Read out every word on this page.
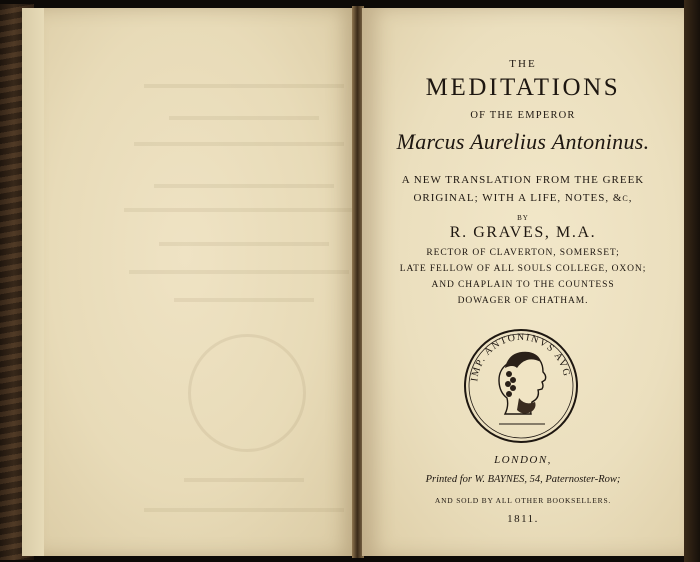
THE
MEDITATIONS
OF THE EMPEROR
Marcus Aurelius Antoninus.
A NEW TRANSLATION FROM THE GREEK
ORIGINAL; WITH A LIFE, NOTES, &c,
BY
R. GRAVES, M.A.
RECTOR OF CLAVERTON, SOMERSET;
LATE FELLOW OF ALL SOULS COLLEGE, OXON;
AND CHAPLAIN TO THE COUNTESS
DOWAGER OF CHATHAM.
IMP. ANTONINVS AVG
LONDON,
Printed for W. BAYNES, 54, Paternoster-Row;
AND SOLD BY ALL OTHER BOOKSELLERS.
1811.
